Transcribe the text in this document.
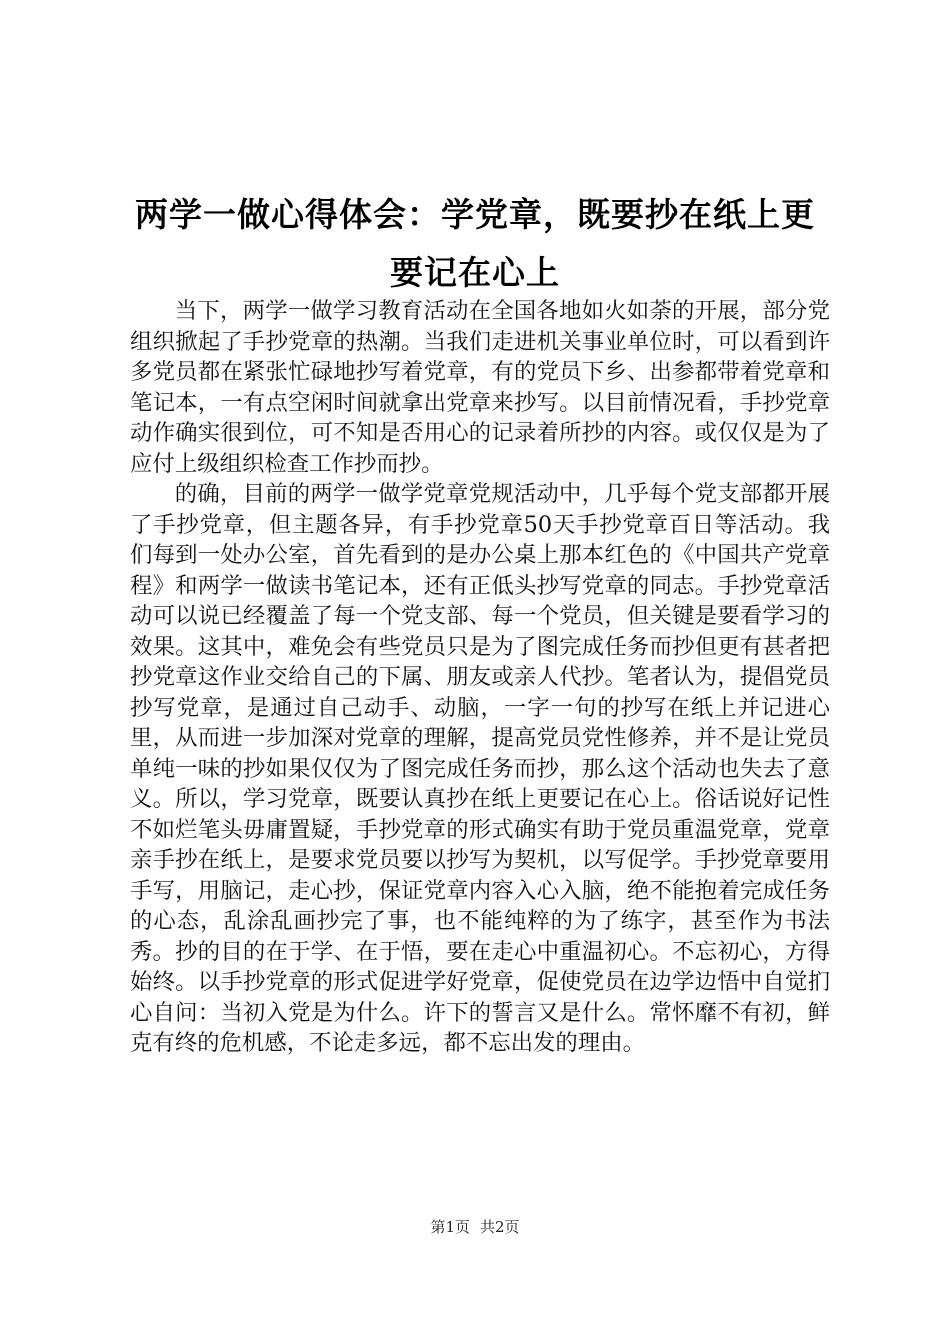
两学一做心得体会：学党章，既要抄在纸上更要记在心上

当下，两学一做学习教育活动在全国各地如火如荼的开展，部分党组织掀起了手抄党章的热潮。当我们走进机关事业单位时，可以看到许多党员都在紧张忙碌地抄写着党章，有的党员下乡、出参都带着党章和笔记本，一有点空闲时间就拿出党章来抄写。以目前情况看，手抄党章动作确实很到位，可不知是否用心的记录着所抄的内容。或仅仅是为了应付上级组织检查工作抄而抄。

的确，目前的两学一做学党章党规活动中，几乎每个党支部都开展了手抄党章，但主题各异，有手抄党章50天手抄党章百日等活动。我们每到一处办公室，首先看到的是办公桌上那本红色的《中国共产党章程》和两学一做读书笔记本，还有正低头抄写党章的同志。手抄党章活动可以说已经覆盖了每一个党支部、每一个党员，但关键是要看学习的效果。这其中，难免会有些党员只是为了图完成任务而抄但更有甚者把抄党章这作业交给自己的下属、朋友或亲人代抄。笔者认为，提倡党员抄写党章，是通过自己动手、动脑，一字一句的抄写在纸上并记进心里，从而进一步加深对党章的理解，提高党员党性修养，并不是让党员单纯一味的抄如果仅仅为了图完成任务而抄，那么这个活动也失去了意义。所以，学习党章，既要认真抄在纸上更要记在心上。俗话说好记性不如烂笔头毋庸置疑，手抄党章的形式确实有助于党员重温党章，党章亲手抄在纸上，是要求党员要以抄写为契机，以写促学。手抄党章要用手写，用脑记，走心抄，保证党章内容入心入脑，绝不能抱着完成任务的心态，乱涂乱画抄完了事，也不能纯粹的为了练字，甚至作为书法秀。抄的目的在于学、在于悟，要在走心中重温初心。不忘初心，方得始终。以手抄党章的形式促进学好党章，促使党员在边学边悟中自觉扪心自问：当初入党是为什么。许下的誓言又是什么。常怀靡不有初，鲜克有终的危机感，不论走多远，都不忘出发的理由。

第1页 共2页
